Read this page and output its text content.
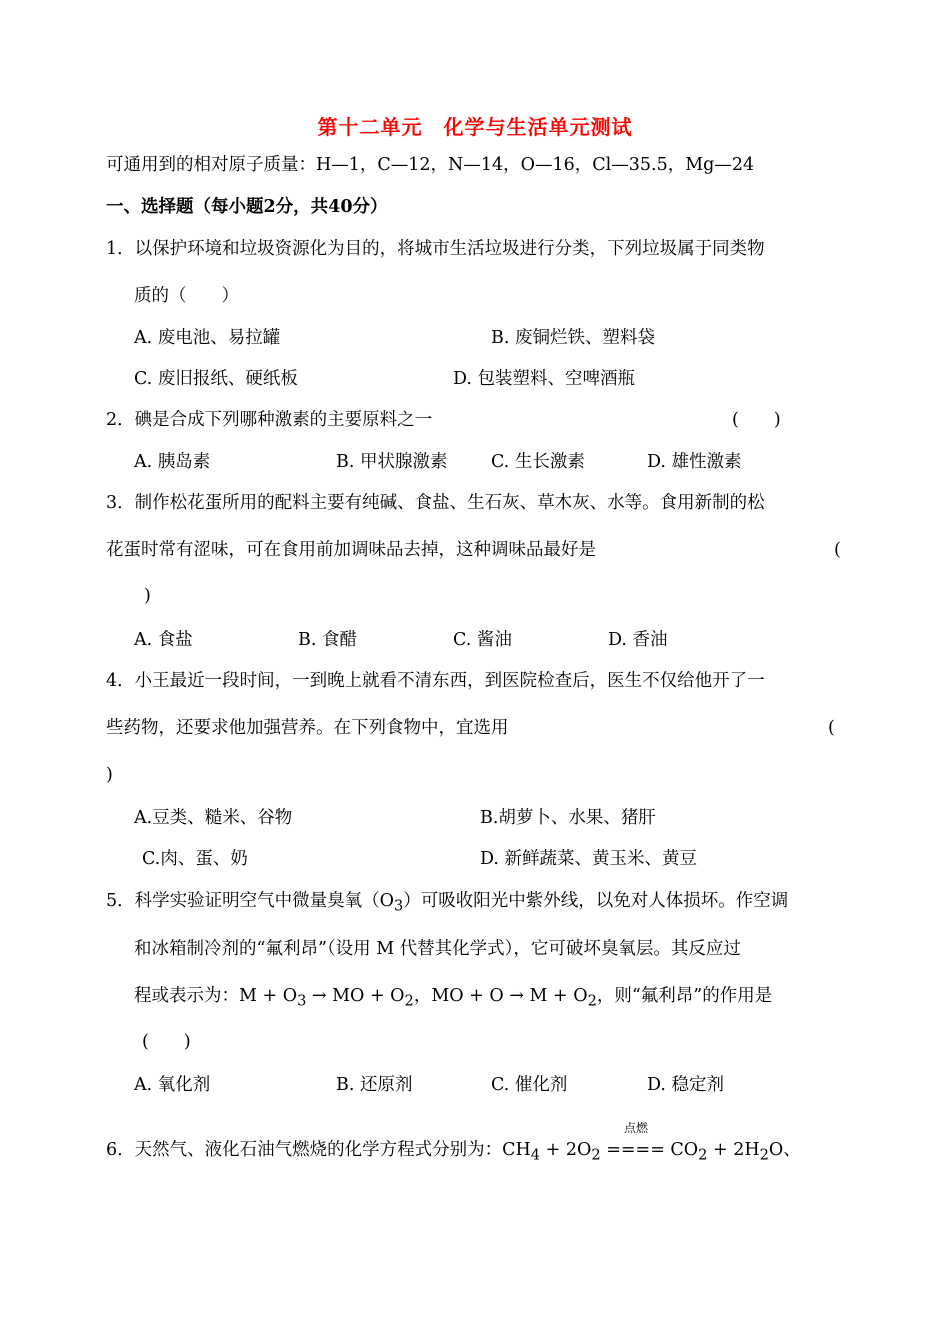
第十二单元　化学与生活单元测试
可通用到的相对原子质量：H—1，C—12，N—14，O—16，Cl—35.5，Mg—24
一、选择题（每小题2分，共40分）
1．以保护环境和垃圾资源化为目的，将城市生活垃圾进行分类，下列垃圾属于同类物
质的（　　）
A. 废电池、易拉罐	B. 废铜烂铁、塑料袋
C. 废旧报纸、硬纸板	D. 包装塑料、空啤酒瓶
2．碘是合成下列哪种激素的主要原料之一	(　　)
A. 胰岛素	B. 甲状腺激素 C. 生长激素	D. 雄性激素
3．制作松花蛋所用的配料主要有纯碱、食盐、生石灰、草木灰、水等。食用新制的松
花蛋时常有涩味，可在食用前加调味品去掉，这种调味品最好是	(
)
A. 食盐	B. 食醋	C. 酱油	D. 香油
4．小王最近一段时间，一到晚上就看不清东西，到医院检查后，医生不仅给他开了一
些药物，还要求他加强营养。在下列食物中，宜选用	(
)
A.豆类、糙米、谷物	B.胡萝卜、水果、猪肝
C.肉、蛋、奶	D. 新鲜蔬菜、黄玉米、黄豆
5．科学实验证明空气中微量臭氧$(O_3)$可吸收阳光中紫外线，以免对人体损坏。作空调
和冰箱制冷剂的“氟利昂”（设用 M 代替其化学式），它可破坏臭氧层。其反应过
程或表示为：$M + O_3$ → MO + $O_2$，MO + $O \to M + O_2$，则“氟利昂”的作用是
(　　)
A. 氧化剂	B. 还原剂	C. 催化剂	D. 稳定剂
点燃
6．天然气、液化石油气燃烧的化学方程式分别为：$CH_4 + 2O_2$ ==== $CO_2 + 2H_2O$、
